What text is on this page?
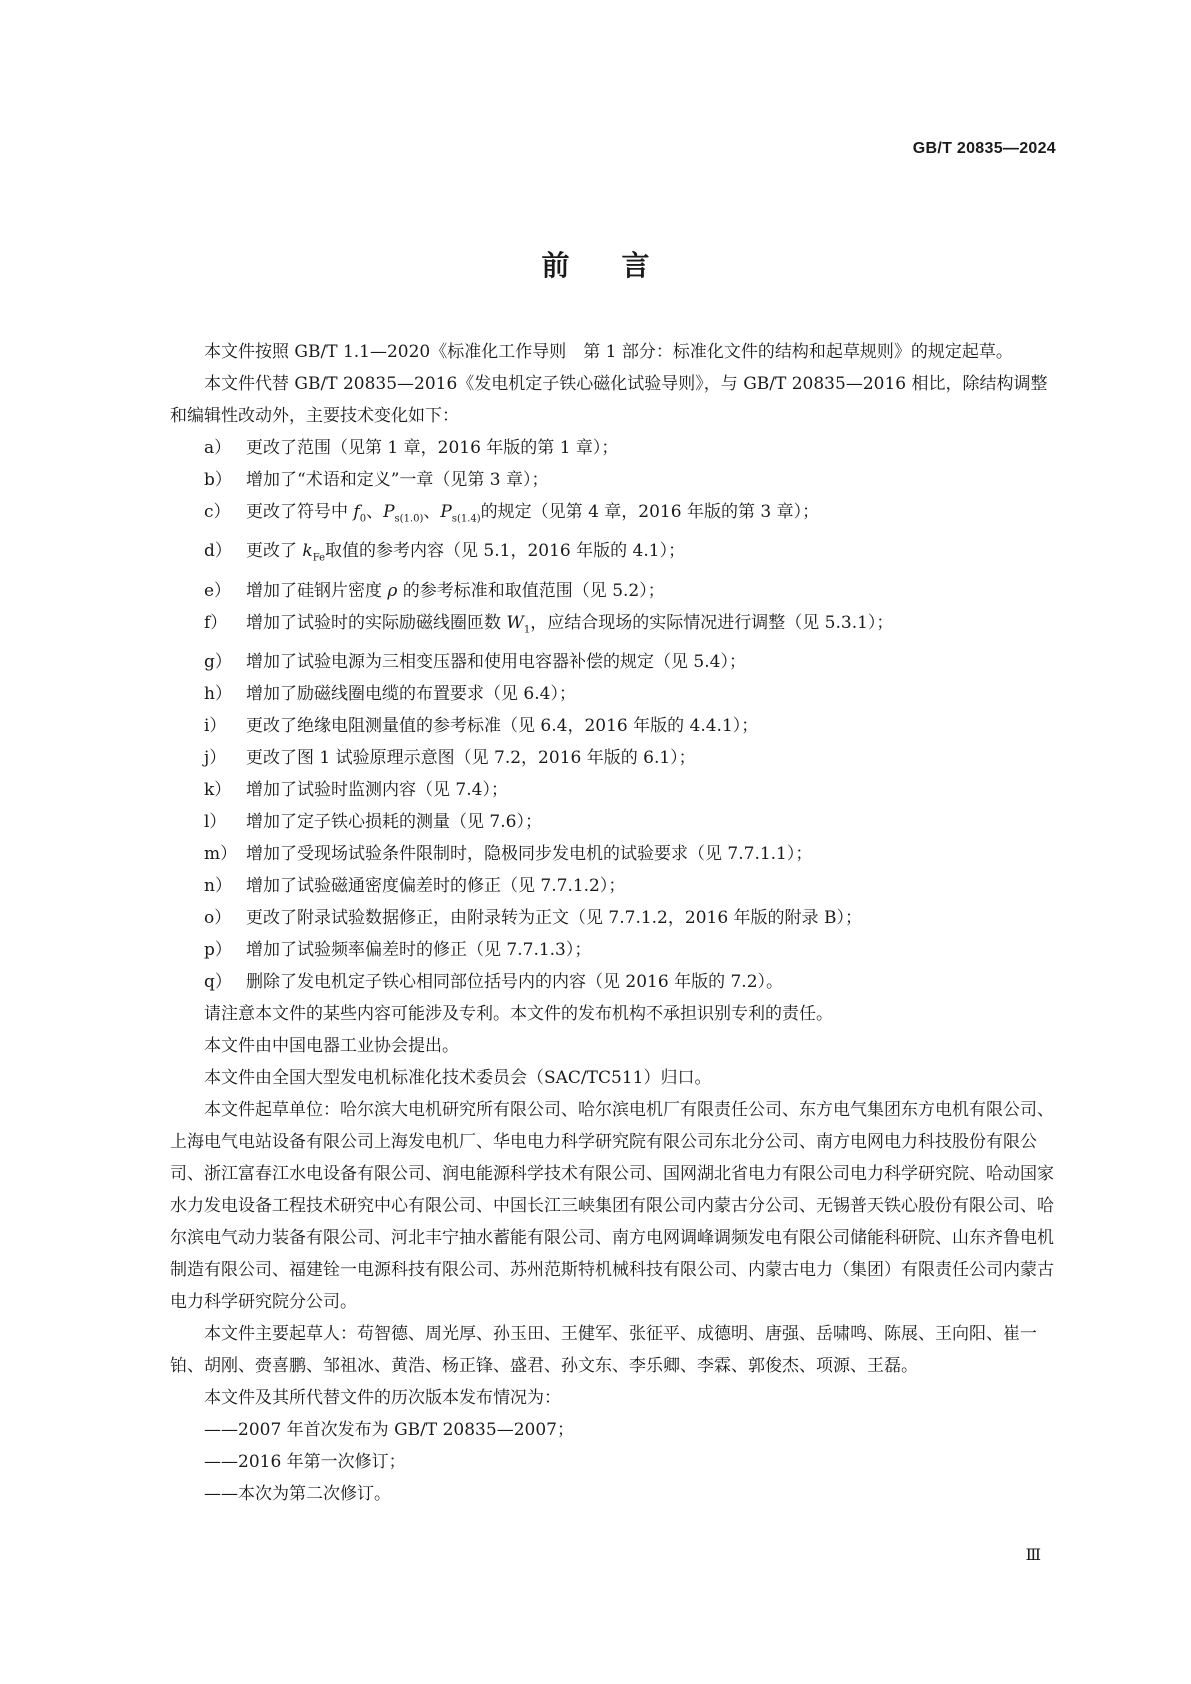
GB/T 20835—2024
前言

本文件按照 GB/T 1.1—2020《标准化工作导则　第 1 部分：标准化文件的结构和起草规则》的规定起草。

本文件代替 GB/T 20835—2016《发电机定子铁心磁化试验导则》，与 GB/T 20835—2016 相比，除结构调整和编辑性改动外，主要技术变化如下：

a） 更改了范围（见第 1 章，2016 年版的第 1 章）；

b） 增加了“术语和定义”一章（见第 3 章）；

c） 更改了符号中 $f_0$、$P_{s(1.0)}$、$P_{s(1.4)}$的规定（见第 4 章，2016 年版的第 3 章）；

d） 更改了 $k_{Fe}$取值的参考内容（见 5.1，2016 年版的 4.1）；

e） 增加了硅钢片密度 ρ 的参考标准和取值范围（见 5.2）；

f） 增加了试验时的实际励磁线圈匝数 $W_1$，应结合现场的实际情况进行调整（见 5.3.1）；

g） 增加了试验电源为三相变压器和使用电容器补偿的规定（见 5.4）；

h） 增加了励磁线圈电缆的布置要求（见 6.4）；

i） 更改了绝缘电阻测量值的参考标准（见 6.4，2016 年版的 4.4.1）；

j） 更改了图 1 试验原理示意图（见 7.2，2016 年版的 6.1）；

k） 增加了试验时监测内容（见 7.4）；

l） 增加了定子铁心损耗的测量（见 7.6）；

m） 增加了受现场试验条件限制时，隐极同步发电机的试验要求（见 7.7.1.1）；

n） 增加了试验磁通密度偏差时的修正（见 7.7.1.2）；

o） 更改了附录试验数据修正，由附录转为正文（见 7.7.1.2，2016 年版的附录 B）；

p） 增加了试验频率偏差时的修正（见 7.7.1.3）；

q） 删除了发电机定子铁心相同部位括号内的内容（见 2016 年版的 7.2）。

请注意本文件的某些内容可能涉及专利。本文件的发布机构不承担识别专利的责任。

本文件由中国电器工业协会提出。

本文件由全国大型发电机标准化技术委员会（SAC/TC511）归口。

本文件起草单位：哈尔滨大电机研究所有限公司、哈尔滨电机厂有限责任公司、东方电气集团东方电机有限公司、上海电气电站设备有限公司上海发电机厂、华电电力科学研究院有限公司东北分公司、南方电网电力科技股份有限公司、浙江富春江水电设备有限公司、润电能源科学技术有限公司、国网湖北省电力有限公司电力科学研究院、哈动国家水力发电设备工程技术研究中心有限公司、中国长江三峡集团有限公司内蒙古分公司、无锡普天铁心股份有限公司、哈尔滨电气动力装备有限公司、河北丰宁抽水蓄能有限公司、南方电网调峰调频发电有限公司储能科研院、山东齐鲁电机制造有限公司、福建铨一电源科技有限公司、苏州范斯特机械科技有限公司、内蒙古电力（集团）有限责任公司内蒙古电力科学研究院分公司。

本文件主要起草人：苟智德、周光厚、孙玉田、王健军、张征平、成德明、唐强、岳啸鸣、陈展、王向阳、崔一铂、胡刚、赍喜鹏、邹祖冰、黄浩、杨正锋、盛君、孙文东、李乐卿、李霖、郭俊杰、项源、王磊。

本文件及其所代替文件的历次版本发布情况为：

——2007 年首次发布为 GB/T 20835—2007；

——2016 年第一次修订；

——本次为第二次修订。

Ⅲ
